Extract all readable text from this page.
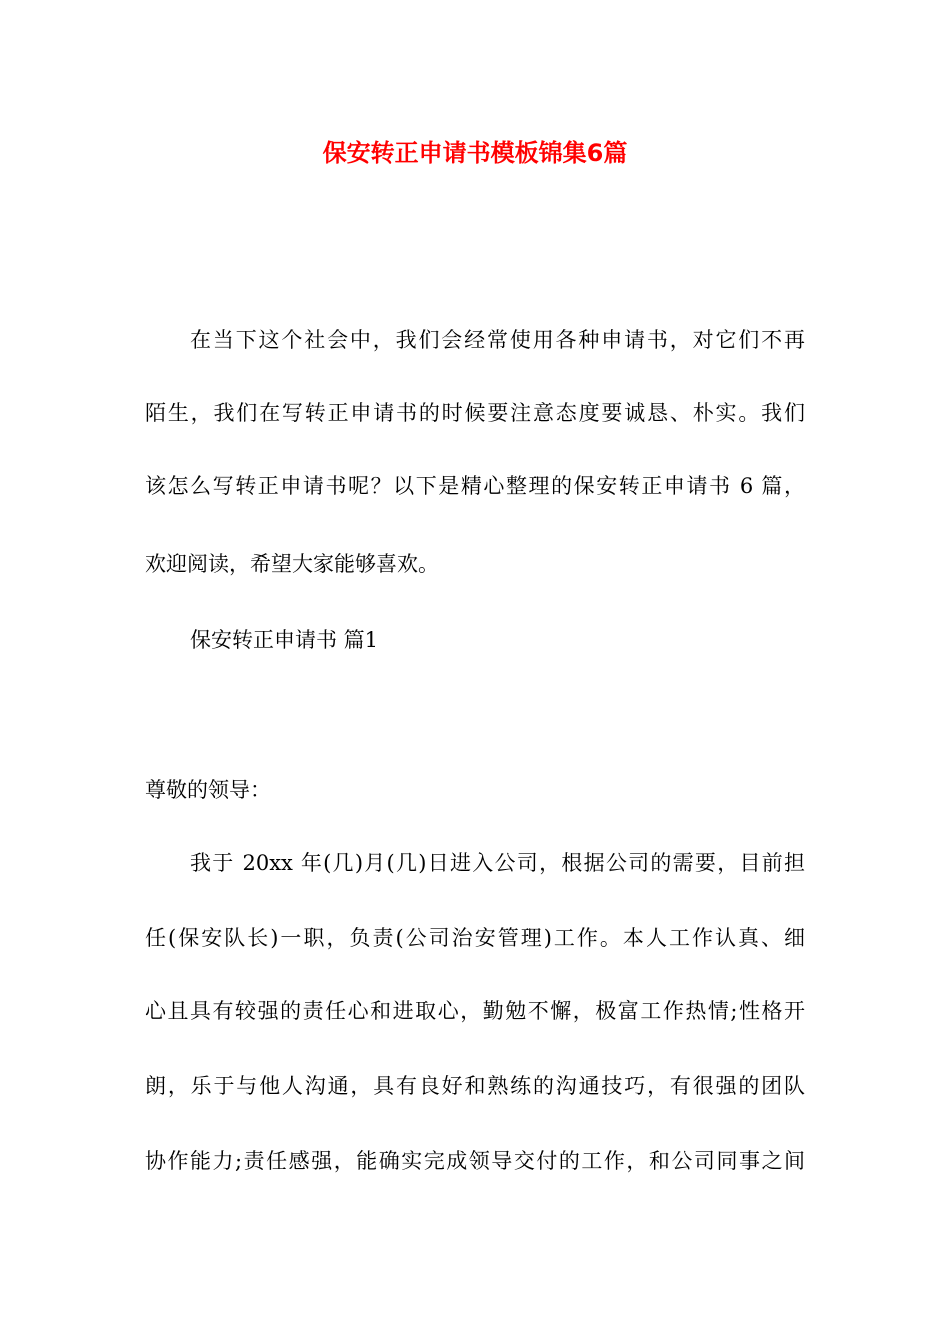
保安转正申请书模板锦集6篇
在当下这个社会中，我们会经常使用各种申请书，对它们不再
陌生，我们在写转正申请书的时候要注意态度要诚恳、朴实。我们
该怎么写转正申请书呢？以下是精心整理的保安转正申请书 6 篇，
欢迎阅读，希望大家能够喜欢。
保安转正申请书 篇1
尊敬的领导：
我于 20xx 年(几)月(几)日进入公司，根据公司的需要，目前担
任(保安队长)一职，负责(公司治安管理)工作。本人工作认真、细
心且具有较强的责任心和进取心，勤勉不懈，极富工作热情;性格开
朗，乐于与他人沟通，具有良好和熟练的沟通技巧，有很强的团队
协作能力;责任感强，能确实完成领导交付的工作，和公司同事之间
